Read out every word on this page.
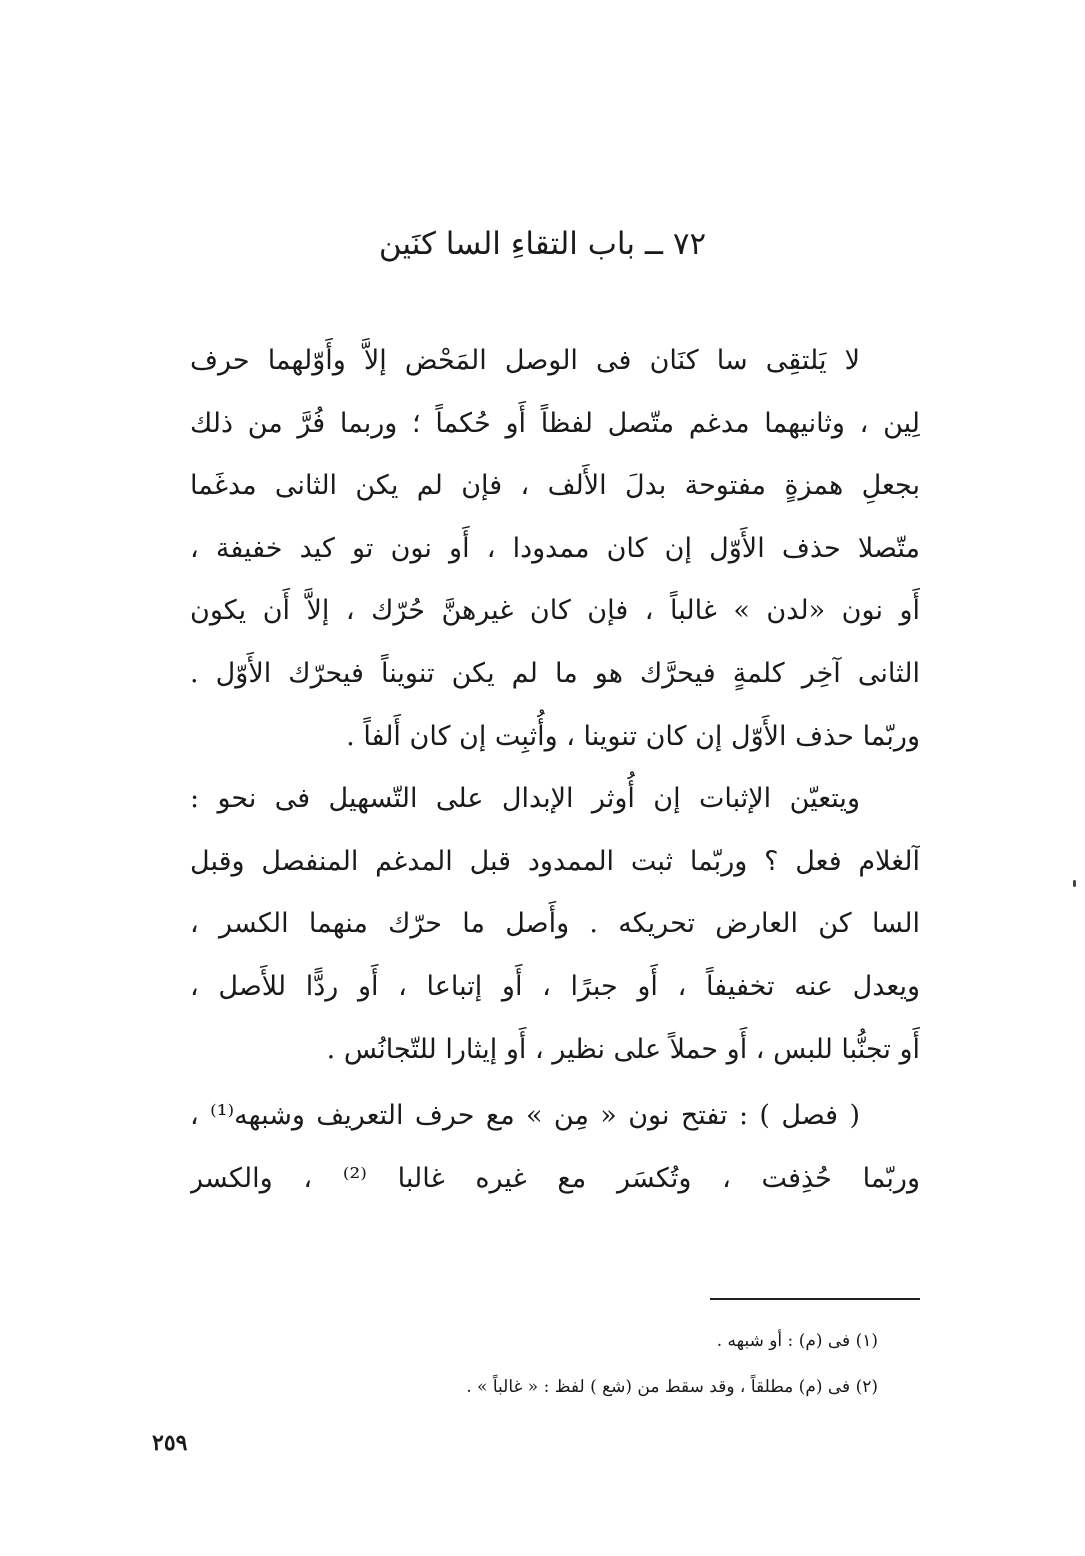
٧٢ ــ باب التقاءِ السا كنَين
لا يَلتقِى سا كنَان فى الوصل المَحْض إلاَّ وأَوّلهما حرف
لِين ، وثانيهما مدغم متّصل لفظاً أَو حُكماً ؛ وربما فُرَّ من ذلك
بجعلِ همزةٍ مفتوحة بدلَ الأَلف ، فإن لم يكن الثانى مدغَما
متّصلا حذف الأَوّل إن كان ممدودا ، أَو نون تو كيد خفيفة ،
أَو نون «لدن » غالباً ، فإن كان غيرهنَّ حُرّك ، إلاَّ أَن يكون
الثانى آخِر كلمةٍ فيحرَّك هو ما لم يكن تنويناً فيحرّك الأَوّل .
وربّما حذف الأَوّل إن كان تنوينا ، وأُثبِت إن كان أَلفاً .
ويتعيّن الإثبات إن أُوثر الإبدال على التّسهيل فى نحو :
آلغلام فعل ؟ وربّما ثبت الممدود قبل المدغم المنفصل وقبل
السا كن العارض تحريكه . وأَصل ما حرّك منهما الكسر ،
ويعدل عنه تخفيفاً ، أَو جبرًا ، أَو إتباعا ، أَو ردًّا للأَصل ،
أَو تجنُّبا للبس ، أَو حملاً على نظير ، أَو إيثارا للتّجانُس .
( فصل ) : تفتح نون « مِن » مع حرف التعريف وشبهه⁽¹⁾ ،
وربّما حُذِفت ، وتُكسَر مع غيره غالبا ⁽²⁾ ، والكسر
(١) فى (م) : أو شبهه .
(٢) فى (م) مطلقاً ، وقد سقط من (شع ) لفظ : « غالباً » .
٢٥٩
